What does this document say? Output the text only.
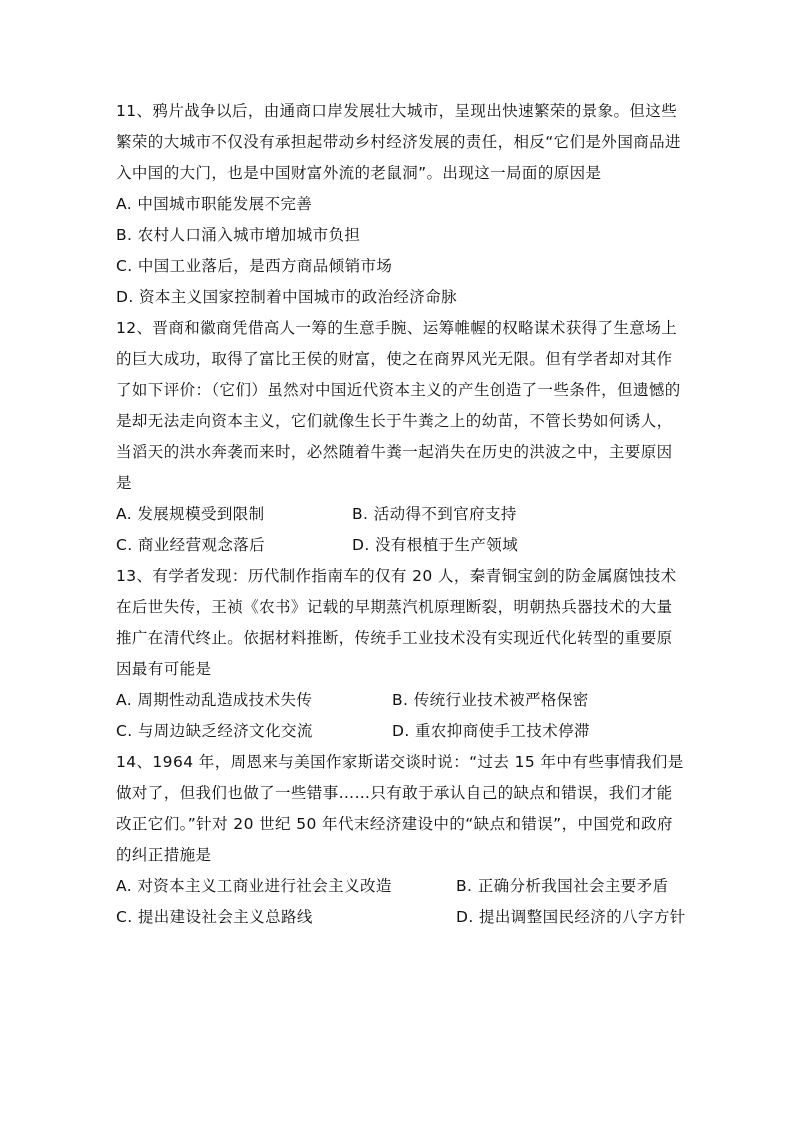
11、鸦片战争以后，由通商口岸发展壮大城市，呈现出快速繁荣的景象。但这些繁荣的大城市不仅没有承担起带动乡村经济发展的责任，相反“它们是外国商品进入中国的大门，也是中国财富外流的老鼠洞”。出现这一局面的原因是

A. 中国城市职能发展不完善

B. 农村人口涌入城市增加城市负担

C. 中国工业落后，是西方商品倾销市场

D. 资本主义国家控制着中国城市的政治经济命脉

12、晋商和徽商凭借高人一筹的生意手腕、运筹帷幄的权略谋术获得了生意场上的巨大成功，取得了富比王侯的财富，使之在商界风光无限。但有学者却对其作了如下评价：（它们）虽然对中国近代资本主义的产生创造了一些条件，但遗憾的是却无法走向资本主义，它们就像生长于牛粪之上的幼苗，不管长势如何诱人，当滔天的洪水奔袭而来时，必然随着牛粪一起消失在历史的洪波之中，主要原因是

A. 发展规模受到限制	B. 活动得不到官府支持
C. 商业经营观念落后	D. 没有根植于生产领域

13、有学者发现：历代制作指南车的仅有 20 人，秦青铜宝剑的防金属腐蚀技术在后世失传，王祯《农书》记载的早期蒸汽机原理断裂，明朝热兵器技术的大量推广在清代终止。依据材料推断，传统手工业技术没有实现近代化转型的重要原因最有可能是

A. 周期性动乱造成技术失传	B. 传统行业技术被严格保密
C. 与周边缺乏经济文化交流	D. 重农抑商使手工技术停滞

14、1964 年，周恩来与美国作家斯诺交谈时说：“过去 15 年中有些事情我们是做对了，但我们也做了一些错事……只有敢于承认自己的缺点和错误，我们才能改正它们。”针对 20 世纪 50 年代末经济建设中的“缺点和错误”，中国党和政府的纠正措施是

A. 对资本主义工商业进行社会主义改造	B. 正确分析我国社会主要矛盾
C. 提出建设社会主义总路线	D. 提出调整国民经济的八字方针
